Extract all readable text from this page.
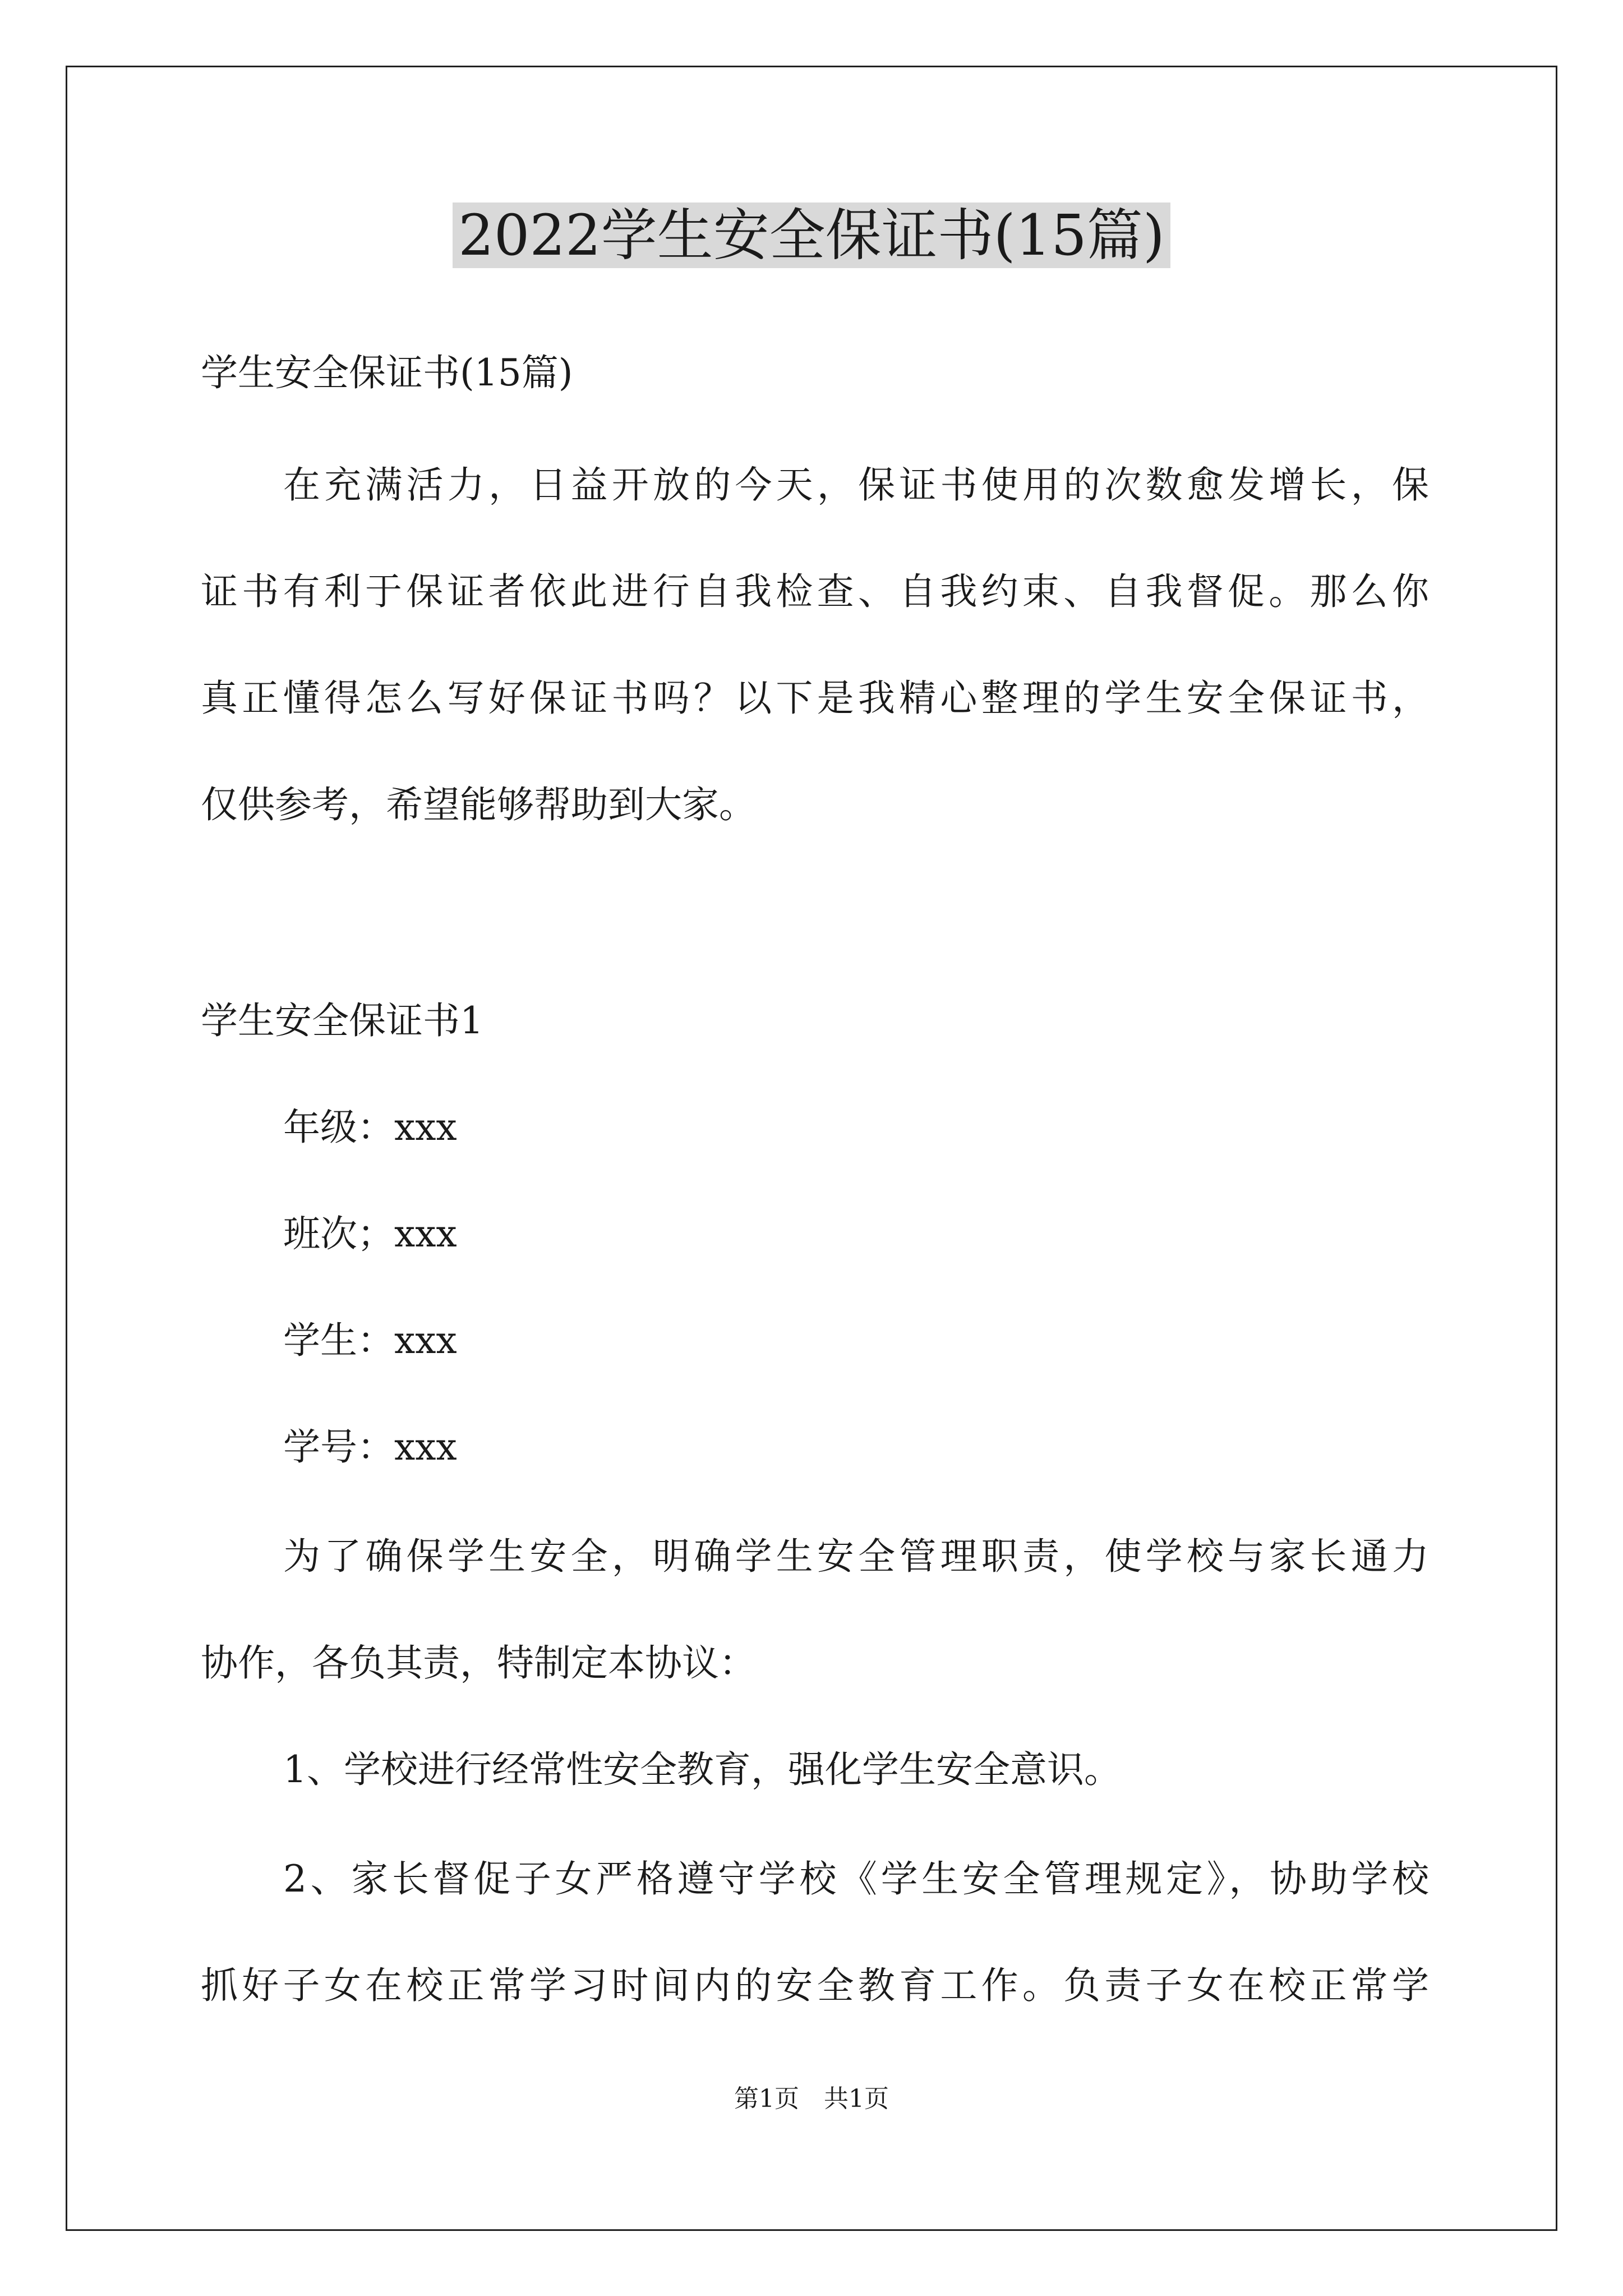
2022学生安全保证书(15篇)
学生安全保证书(15篇)
在充满活力，日益开放的今天，保证书使用的次数愈发增长，保
证书有利于保证者依此进行自我检查、自我约束、自我督促。那么你
真正懂得怎么写好保证书吗？以下是我精心整理的学生安全保证书，
仅供参考，希望能够帮助到大家。
学生安全保证书1
年级：xxx
班次；xxx
学生：xxx
学号：xxx
为了确保学生安全，明确学生安全管理职责，使学校与家长通力
协作，各负其责，特制定本协议：
1、学校进行经常性安全教育，强化学生安全意识。
2、家长督促子女严格遵守学校《学生安全管理规定》，协助学校
抓好子女在校正常学习时间内的安全教育工作。负责子女在校正常学
第1页　共1页
